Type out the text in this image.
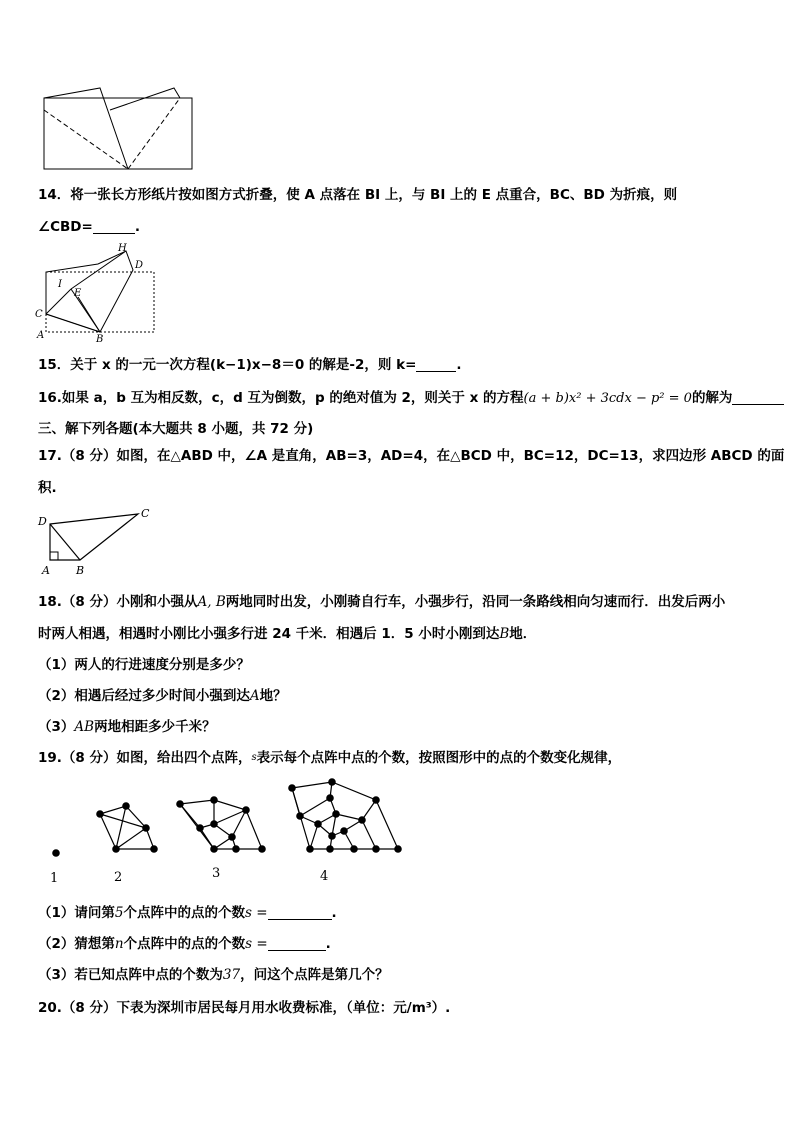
14．将一张长方形纸片按如图方式折叠，使 A 点落在 BI 上，与 BI 上的 E 点重合，BC、BD 为折痕，则
∠CBD=	.
H
D
I
E
C
A	B
15．关于 x 的一元一次方程(k−1)x−8＝0 的解是-2，则 k=	.
16.如果 a，b 互为相反数，c，d 互为倒数，p 的绝对值为 2，则关于 x 的方程(a + b)x² + 3cdx − p² = 0的解为
三、解下列各题(本大题共 8 小题，共 72 分)
17.（8 分）如图，在△ABD 中，∠A 是直角，AB=3，AD=4，在△BCD 中，BC=12，DC=13，求四边形 ABCD 的面
积.
D
C
A B
18.（8 分）小刚和小强从A, B两地同时出发，小刚骑自行车，小强步行，沿同一条路线相向匀速而行．出发后两小
时两人相遇，相遇时小刚比小强多行进 24 千米．相遇后 1．5 小时小刚到达B地．
（1）两人的行进速度分别是多少？
（2）相遇后经过多少时间小强到达A地？
（3）AB两地相距多少千米？
19.（8 分）如图，给出四个点阵，s表示每个点阵中点的个数，按照图形中的点的个数变化规律，
1	2	3	4
（1）请问第5个点阵中的点的个数s =	.
（2）猜想第n个点阵中的点的个数s =	.
（3）若已知点阵中点的个数为37，问这个点阵是第几个？
20.（8 分）下表为深圳市居民每月用水收费标准，（单位：元/m³）.
